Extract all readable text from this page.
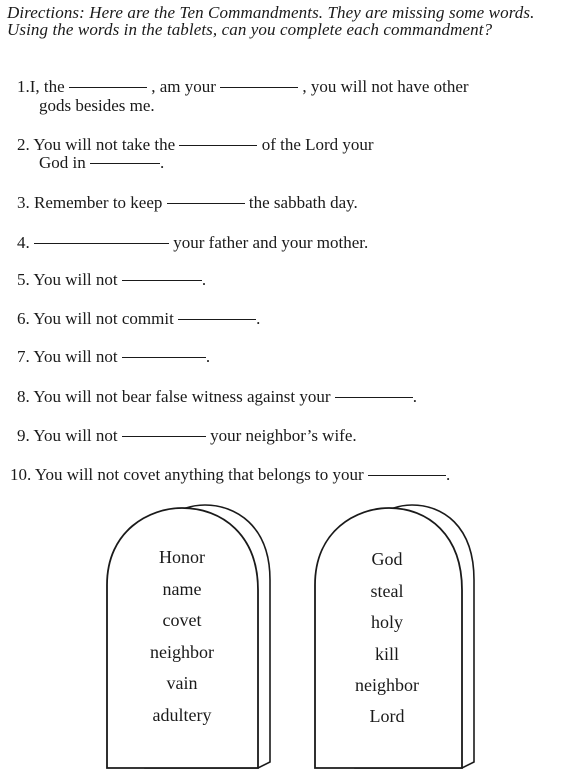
Directions: Here are the Ten Commandments. They are missing some words. Using the words in the tablets, can you complete each commandment?
1.I, the	, am your	, you will not have other
gods besides me.
2. You will not take the	of the Lord your
God in	.
3. Remember to keep	the sabbath day.
4.	your father and your mother.
5. You will not	.
6. You will not commit	.
7. You will not	.
8. You will not bear false witness against your	.
9. You will not	your neighbor’s wife.
10. You will not covet anything that belongs to your	.
Honor
name
covet
neighbor
vain
adultery
God
steal
holy
kill
neighbor
Lord
